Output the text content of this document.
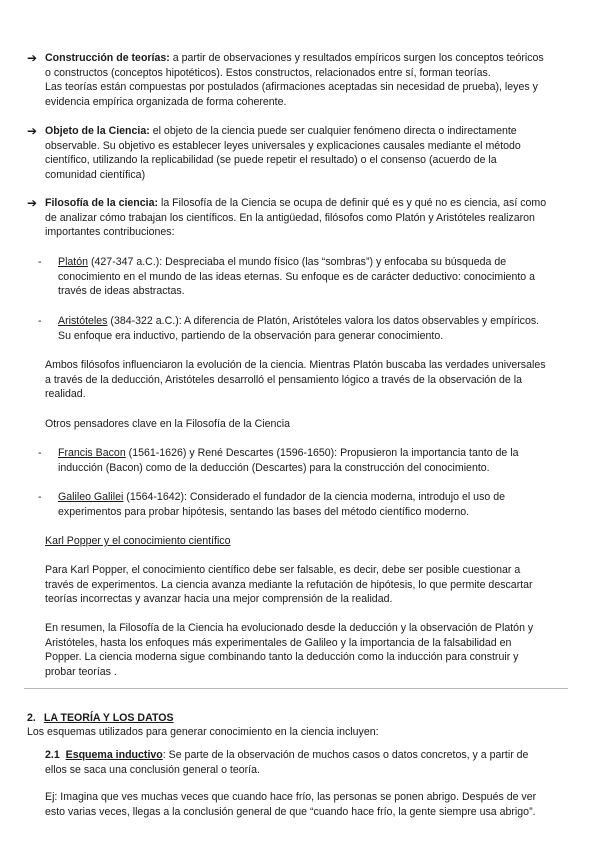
➔ Construcción de teorías: a partir de observaciones y resultados empíricos surgen los conceptos teóricos
o constructos (conceptos hipotéticos). Estos constructos, relacionados entre sí, forman teorías.
Las teorías están compuestas por postulados (afirmaciones aceptadas sin necesidad de prueba), leyes y
evidencia empírica organizada de forma coherente.
➔ Objeto de la Ciencia: el objeto de la ciencia puede ser cualquier fenómeno directa o indirectamente
observable. Su objetivo es establecer leyes universales y explicaciones causales mediante el método
científico, utilizando la replicabilidad (se puede repetir el resultado) o el consenso (acuerdo de la
comunidad científica)
➔ Filosofía de la ciencia: la Filosofía de la Ciencia se ocupa de definir qué es y qué no es ciencia, así como
de analizar cómo trabajan los científicos. En la antigüedad, filósofos como Platón y Aristóteles realizaron
importantes contribuciones:
- Platón (427-347 a.C.): Despreciaba el mundo físico (las “sombras”) y enfocaba su búsqueda de
conocimiento en el mundo de las ideas eternas. Su enfoque es de carácter deductivo: conocimiento a
través de ideas abstractas.
- Aristóteles (384-322 a.C.): A diferencia de Platón, Aristóteles valora los datos observables y empíricos.
Su enfoque era inductivo, partiendo de la observación para generar conocimiento.
Ambos filósofos influenciaron la evolución de la ciencia. Mientras Platón buscaba las verdades universales
a través de la deducción, Aristóteles desarrolló el pensamiento lógico a través de la observación de la
realidad.
Otros pensadores clave en la Filosofía de la Ciencia
- Francis Bacon (1561-1626) y René Descartes (1596-1650): Propusieron la importancia tanto de la
inducción (Bacon) como de la deducción (Descartes) para la construcción del conocimiento.
- Galileo Galilei (1564-1642): Considerado el fundador de la ciencia moderna, introdujo el uso de
experimentos para probar hipótesis, sentando las bases del método científico moderno.
Karl Popper y el conocimiento científico
Para Karl Popper, el conocimiento científico debe ser falsable, es decir, debe ser posible cuestionar a
través de experimentos. La ciencia avanza mediante la refutación de hipótesis, lo que permite descartar
teorías incorrectas y avanzar hacia una mejor comprensión de la realidad.
En resumen, la Filosofía de la Ciencia ha evolucionado desde la deducción y la observación de Platón y
Aristóteles, hasta los enfoques más experimentales de Galileo y la importancia de la falsabilidad en
Popper. La ciencia moderna sigue combinando tanto la deducción como la inducción para construir y
probar teorías .
2. LA TEORÍA Y LOS DATOS
Los esquemas utilizados para generar conocimiento en la ciencia incluyen:
2.1 Esquema inductivo: Se parte de la observación de muchos casos o datos concretos, y a partir de
ellos se saca una conclusión general o teoría.
Ej: Imagina que ves muchas veces que cuando hace frío, las personas se ponen abrigo. Después de ver
esto varias veces, llegas a la conclusión general de que “cuando hace frío, la gente siempre usa abrigo”.
